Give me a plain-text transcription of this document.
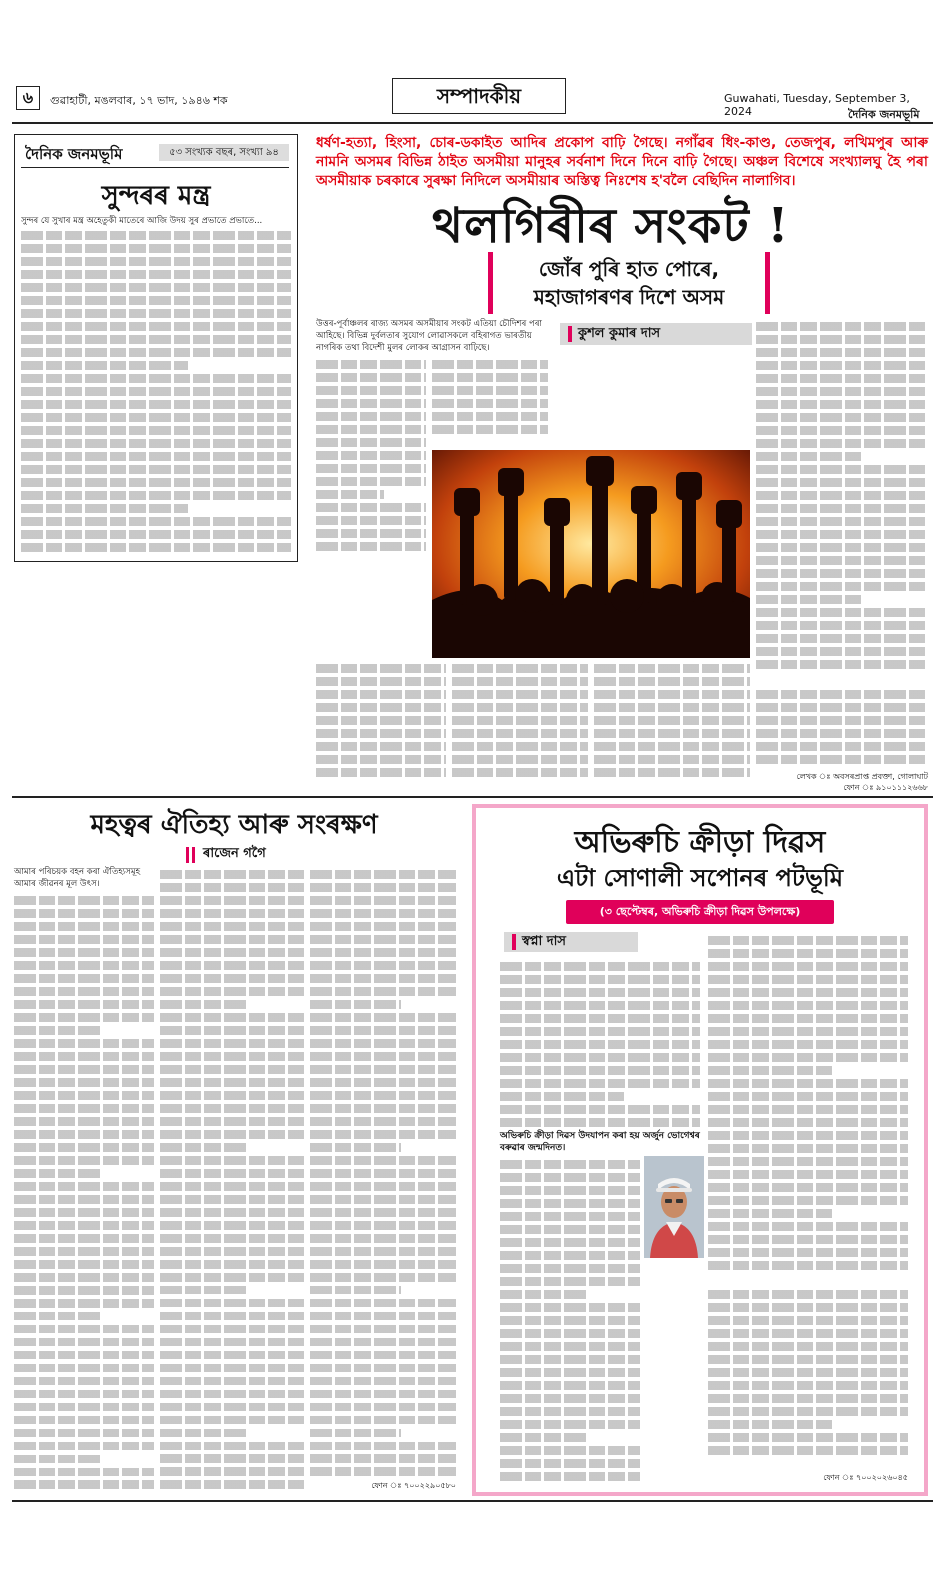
৬	গুৱাহাটী, মঙলবাৰ, ১৭ ভাদ, ১৯৪৬ শক	সম্পাদকীয়	Guwahati, Tuesday, September 3, 2024	দৈনিক জনমভূমি
দৈনিক জনমভূমি	৫৩ সংখ্যক বছৰ, সংখ্যা ৯৪
সুন্দৰৰ মন্ত্ৰ
সুন্দৰ যে সুখাৰ মন্ত্ৰ অহেতুকী মাতেৰে আজি উদয় সুৰ প্ৰভাতে প্ৰভাতে...
ধৰ্ষণ-হত্যা, হিংসা, চোৰ-ডকাইত আদিৰ প্ৰকোপ বাঢ়ি গৈছে। নগাঁৱৰ ধিং-কাণ্ড, তেজপুৰ, লখিমপুৰ আৰু নামনি অসমৰ বিভিন্ন ঠাইত অসমীয়া মানুহৰ সৰ্বনাশ দিনে দিনে বাঢ়ি গৈছে। অঞ্চল বিশেষে সংখ্যালঘু হৈ পৰা অসমীয়াক চৰকাৰে সুৰক্ষা নিদিলে অসমীয়াৰ অস্তিত্ব নিঃশেষ হ'বলৈ বেছিদিন নালাগিব।
থলগিৰীৰ সংকট !
জোঁৰ পুৰি হাত পোৰে,
মহাজাগৰণৰ দিশে অসম
কুশল কুমাৰ দাস
উত্তৰ-পূৰ্বাঞ্চলৰ ৰাজ্য অসমৰ অসমীয়াৰ সংকট এতিয়া চৌদিশৰ পৰা আহিছে। বিভিন্ন দুৰ্বলতাৰ সুযোগ লোৱাসকলে বহিৰাগত ভাৰতীয় নাগৰিক তথা বিদেশী মুলৰ লোকৰ আগ্ৰাসন বাঢ়িছে।
লেখক ঃ অবসৰপ্ৰাপ্ত প্ৰবক্তা, গোলাঘাট
ফোন ঃ ৯১০১১১২৬৬৮
মহত্বৰ ঐতিহ্য আৰু সংৰক্ষণ
ৰাজেন গগৈ
আমাৰ পৰিচয়ক বহন কৰা ঐতিহ্যসমূহ আমাৰ জীৱনৰ মূল উৎস।
ফোন ঃ ৭০০২২৯০৫৮০
অভিৰুচি ক্ৰীড়া দিৱস
এটা সোণালী সপোনৰ পটভূমি
(৩ ছেপ্টেম্বৰ, অভিৰুচি ক্ৰীড়া দিৱস উপলক্ষে)
স্বপ্না দাস
অভিৰুচি ক্ৰীড়া দিৱস উদযাপন কৰা হয় অৰ্জুন ভোগেশ্বৰ বৰুৱাৰ জন্মদিনত।
ফোন ঃ ৭০০২০২৬০৪৫
